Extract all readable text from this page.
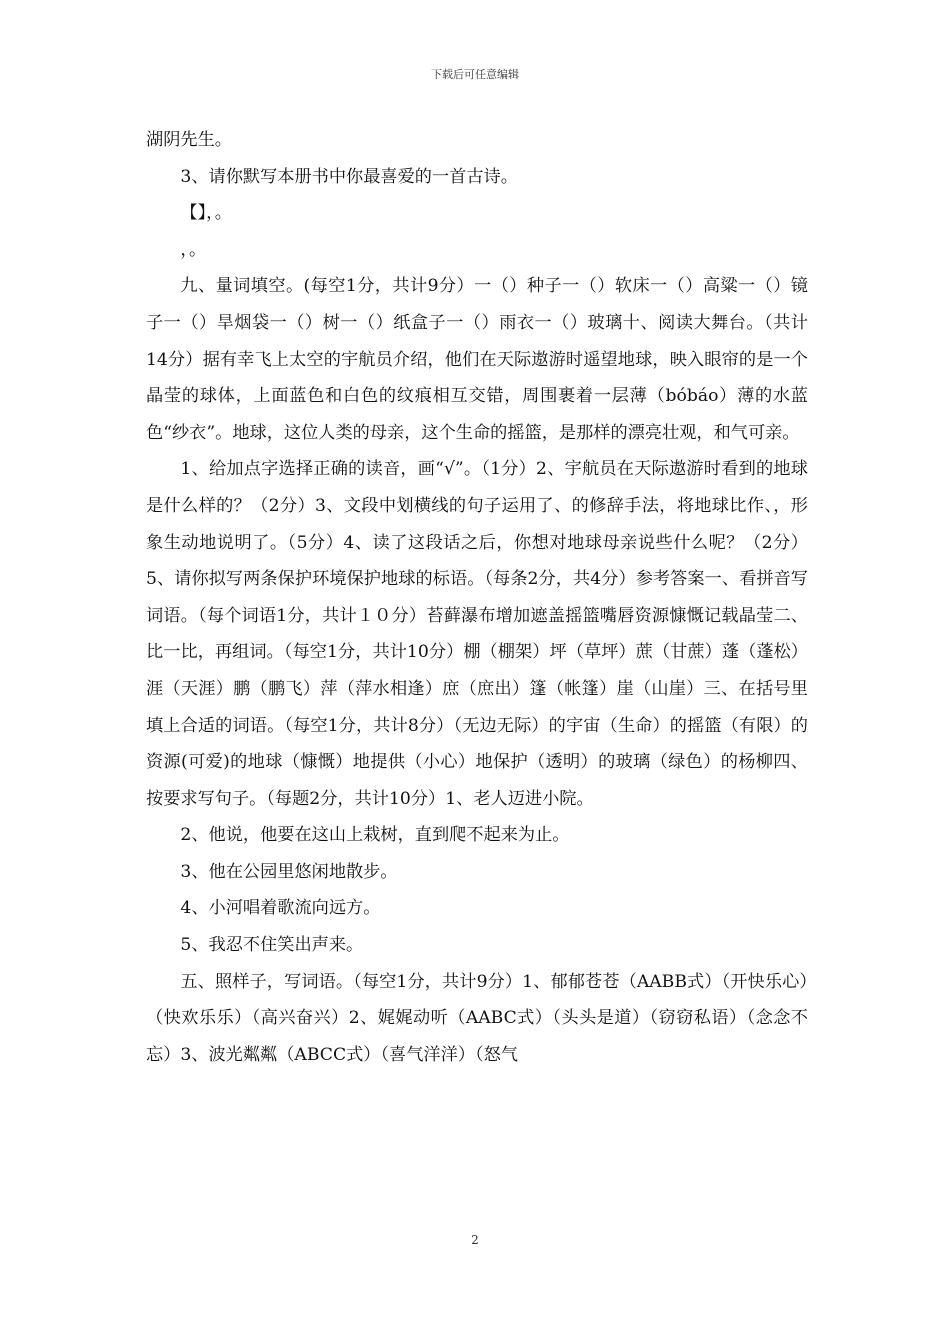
下载后可任意编辑

湖阴先生。

3、请你默写本册书中你最喜爱的一首古诗。

【】，。

，。

九、量词填空。(每空1分，共计9分）一（）种子一（）软床一（）高粱一（）镜子一（）旱烟袋一（）树一（）纸盒子一（）雨衣一（）玻璃十、阅读大舞台。（共计14分）据有幸飞上太空的宇航员介绍，他们在天际遨游时遥望地球，映入眼帘的是一个晶莹的球体，上面蓝色和白色的纹痕相互交错，周围裹着一层薄（bóbáo）薄的水蓝色“纱衣”。地球，这位人类的母亲，这个生命的摇篮，是那样的漂亮壮观，和气可亲。

1、给加点字选择正确的读音，画“√”。（1分）2、宇航员在天际遨游时看到的地球是什么样的？（2分）3、文段中划横线的句子运用了、的修辞手法，将地球比作、，形象生动地说明了。（5分）4、读了这段话之后，你想对地球母亲说些什么呢？（2分）5、请你拟写两条保护环境保护地球的标语。（每条2分，共4分）参考答案一、看拼音写词语。（每个词语1分，共计１０分）苔藓瀑布增加遮盖摇篮嘴唇资源慷慨记载晶莹二、比一比，再组词。（每空1分，共计10分）棚（棚架）坪（草坪）蔗（甘蔗）蓬（蓬松）涯（天涯）鹏（鹏飞）萍（萍水相逢）庶（庶出）篷（帐篷）崖（山崖）三、在括号里填上合适的词语。（每空1分，共计8分）（无边无际）的宇宙（生命）的摇篮（有限）的资源(可爱)的地球（慷慨）地提供（小心）地保护（透明）的玻璃（绿色）的杨柳四、按要求写句子。（每题2分，共计10分）1、老人迈进小院。

2、他说，他要在这山上栽树，直到爬不起来为止。

3、他在公园里悠闲地散步。

4、小河唱着歌流向远方。

5、我忍不住笑出声来。

五、照样子，写词语。（每空1分，共计9分）1、郁郁苍苍（AABB式）（开快乐心）（快欢乐乐）（高兴奋兴）2、娓娓动听（AABC式）（头头是道）（窃窃私语）（念念不忘）3、波光粼粼（ABCC式）（喜气洋洋）（怒气

2
